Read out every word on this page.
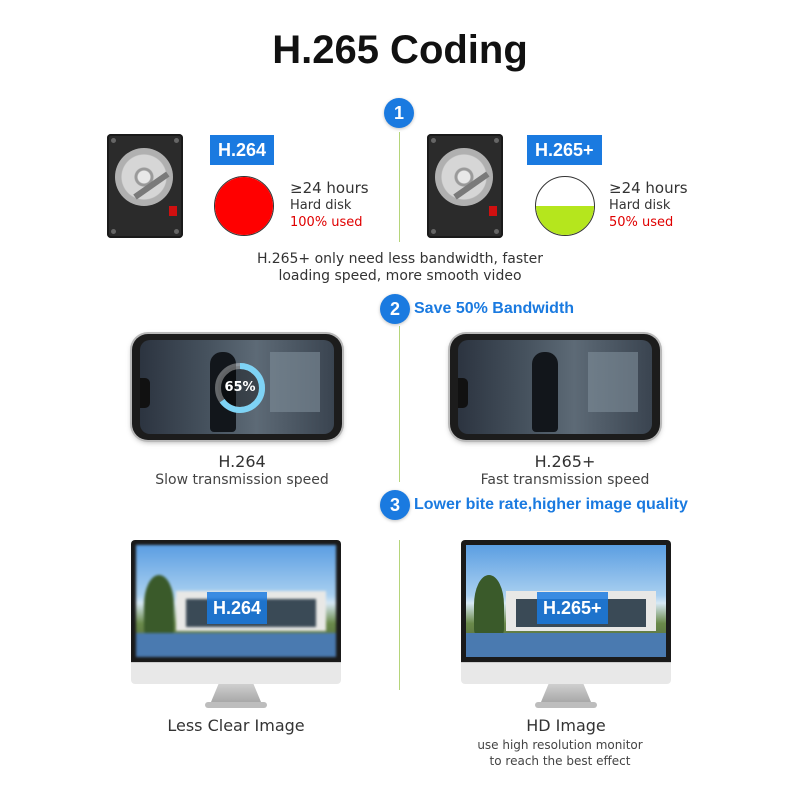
H.265 Coding
1
H.264
≥24 hours
Hard disk
100% used
H.265+
≥24 hours
Hard disk
50% used
H.265+ only need less bandwidth, faster
loading speed, more smooth video
2 Save 50% Bandwidth
65%
H.264
Slow transmission speed
H.265+
Fast transmission speed
3 Lower bite rate,higher image quality
H.264	H.265+
Less Clear Image	HD Image
use high resolution monitor
to reach the best effect
